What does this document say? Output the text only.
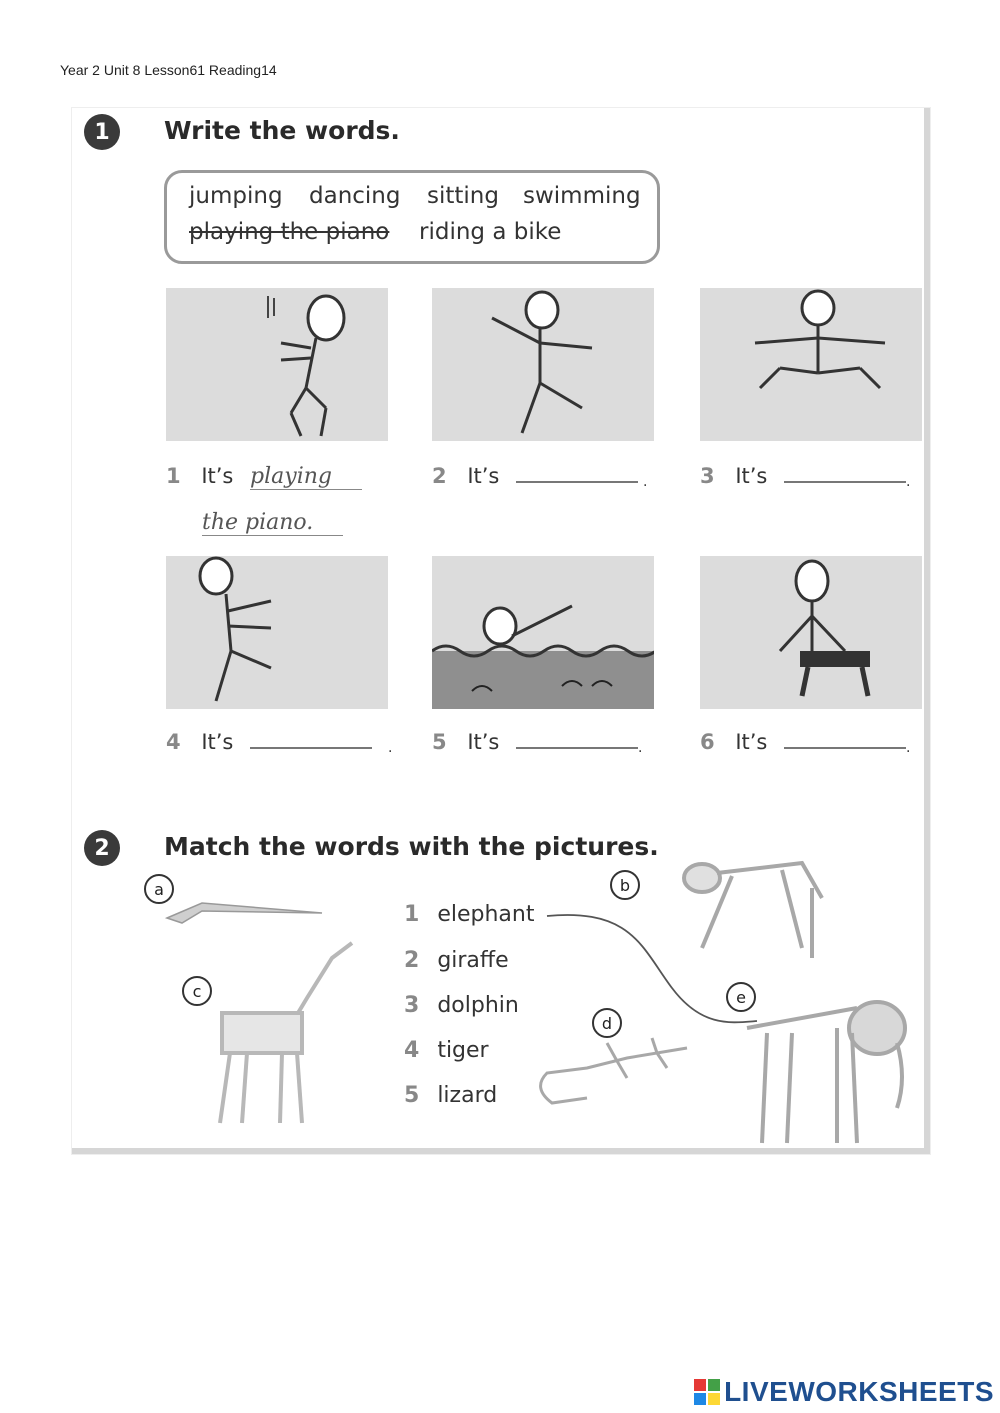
Year 2 Unit 8 Lesson61 Reading14
1	Write the words.
jumping dancing sitting swimming
playing the piano riding a bike
1 It’s playing
the piano.
2 It’s	.	3 It’s	.
4 It’s	. 5 It’s	.	6 It’s	.
2	Match the words with the pictures.
a	b
c
d
e
1 elephant
2 giraffe
3 dolphin
4 tiger
5 lizard
LIVEWORKSHEETS
